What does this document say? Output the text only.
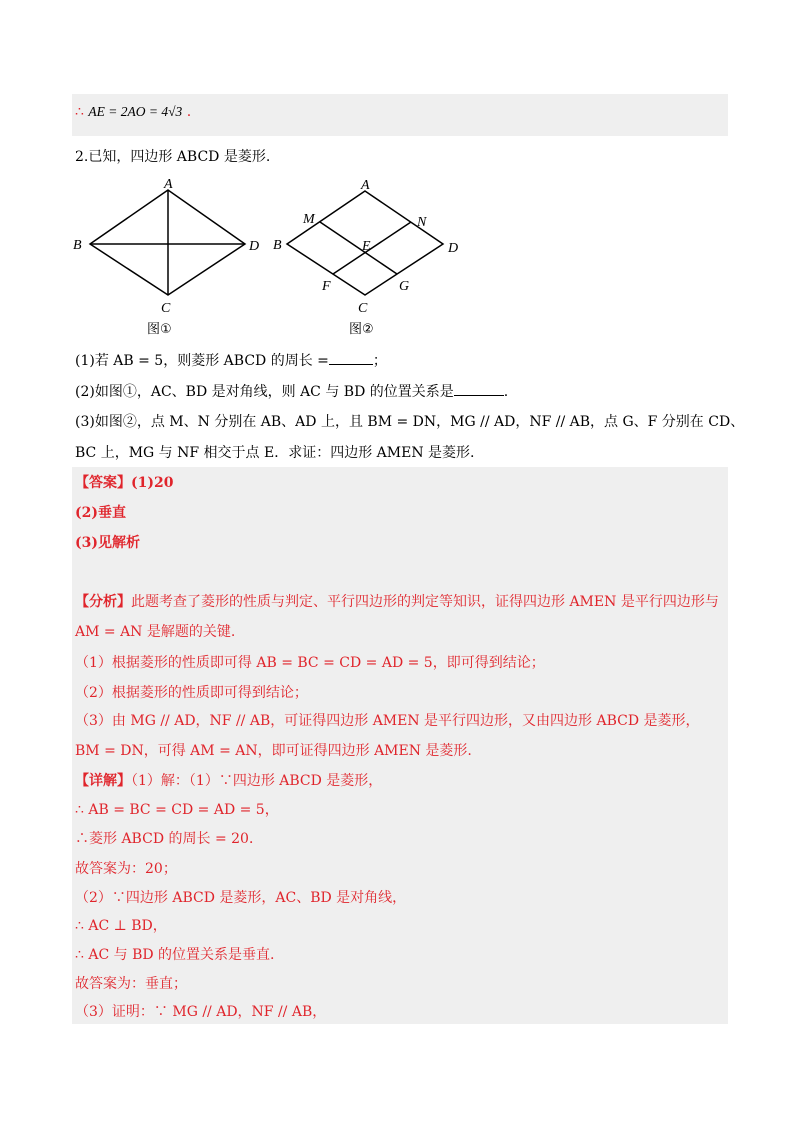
∴ AE = 2AO = 4√3 .
2.已知，四边形 ABCD 是菱形.
A
B
C
D
图①
A
B
C
D
M	N
E
F	G
图②
(1)若 AB = 5，则菱形 ABCD 的周长 =	；
(2)如图①，AC、BD 是对角线，则 AC 与 BD 的位置关系是	.
(3)如图②，点 M、N 分别在 AB、AD 上，且 BM = DN，MG // AD，NF // AB，点 G、F 分别在 CD、
BC 上，MG 与 NF 相交于点 E．求证：四边形 AMEN 是菱形.
【答案】(1)20
(2)垂直
(3)见解析
【分析】此题考查了菱形的性质与判定、平行四边形的判定等知识，证得四边形 AMEN 是平行四边形与
AM = AN 是解题的关键.
（1）根据菱形的性质即可得 AB = BC = CD = AD = 5，即可得到结论；
（2）根据菱形的性质即可得到结论；
（3）由 MG // AD，NF // AB，可证得四边形 AMEN 是平行四边形，又由四边形 ABCD 是菱形，
BM = DN，可得 AM = AN，即可证得四边形 AMEN 是菱形.
【详解】（1）解：（1）∵四边形 ABCD 是菱形，
∴ AB = BC = CD = AD = 5，
∴菱形 ABCD 的周长 = 20．
故答案为：20；
（2）∵四边形 ABCD 是菱形，AC、BD 是对角线，
∴ AC ⊥ BD，
∴ AC 与 BD 的位置关系是垂直.
故答案为：垂直；
（3）证明：∵ MG // AD，NF // AB，
